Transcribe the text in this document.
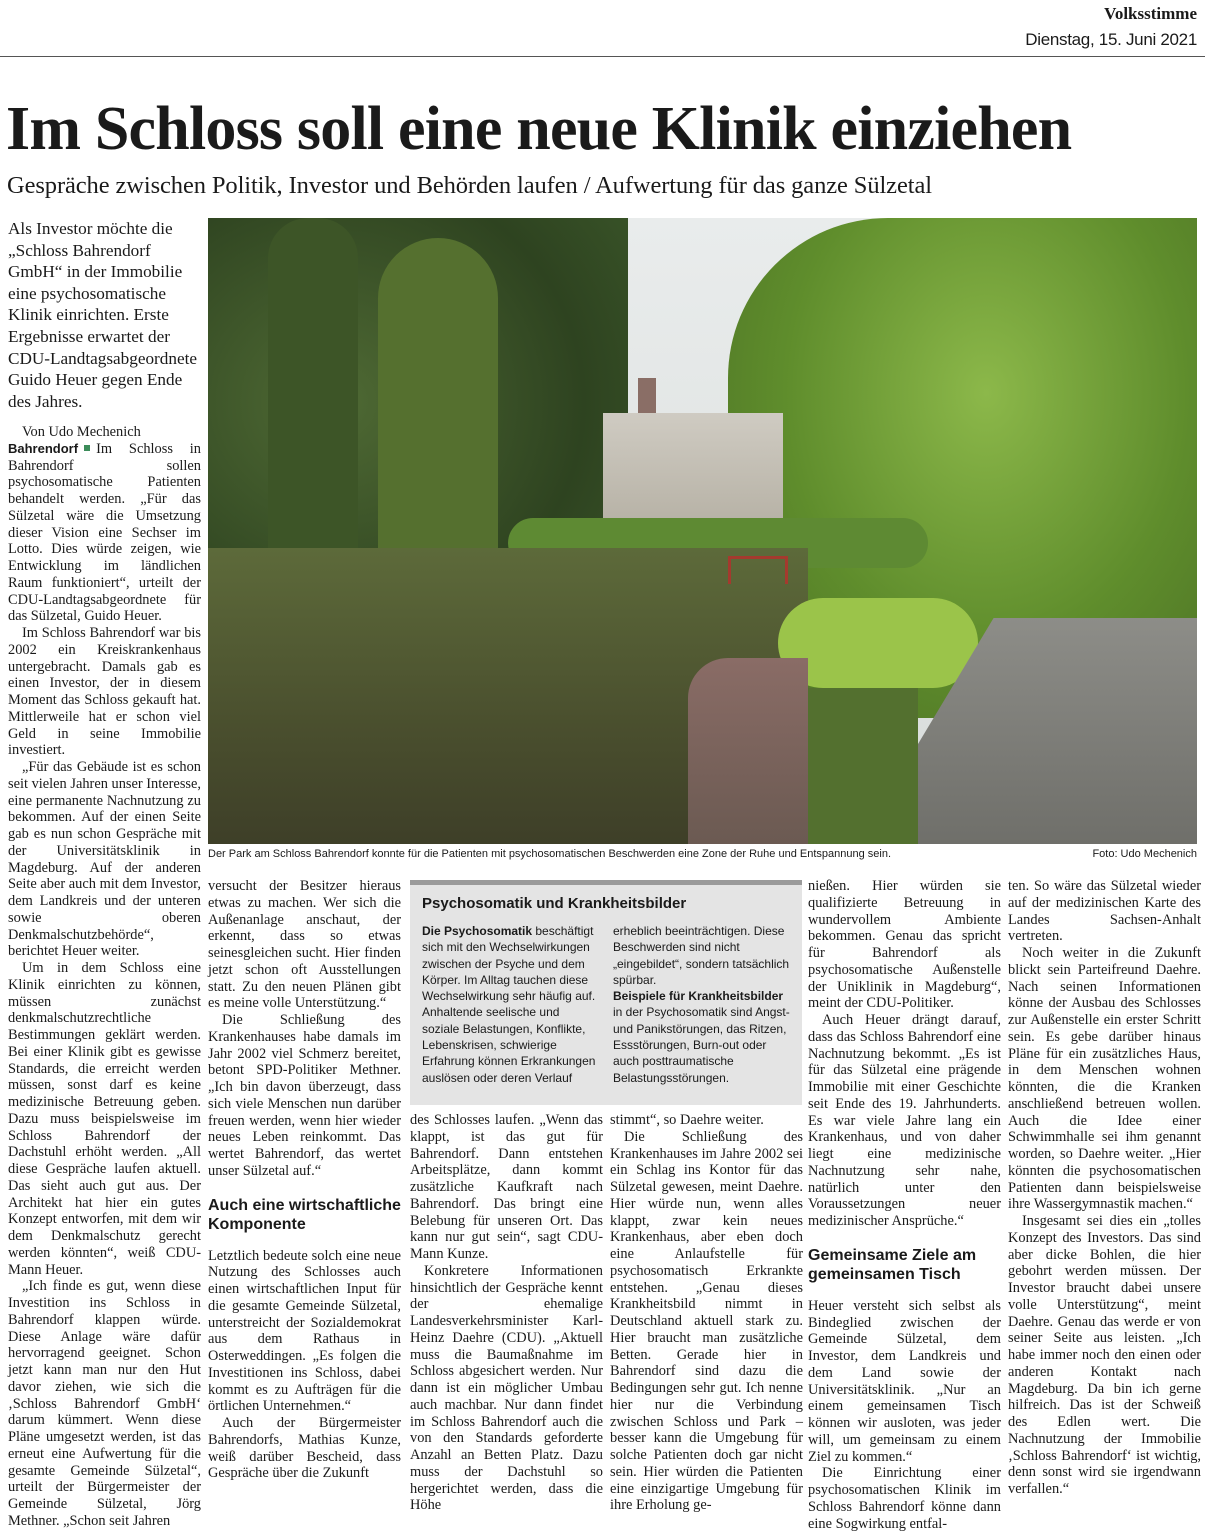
Volksstimme
Dienstag, 15. Juni 2021
Im Schloss soll eine neue Klinik einziehen
Gespräche zwischen Politik, Investor und Behörden laufen / Aufwertung für das ganze Sülzetal
Als Investor möchte die „Schloss Bahrendorf GmbH“ in der Immobilie eine psychosomatische Klinik einrichten. Erste Ergebnisse erwartet der CDU-Landtagsabgeordnete Guido Heuer gegen Ende des Jahres.
Der Park am Schloss Bahrendorf konnte für die Patienten mit psychosomatischen Beschwerden eine Zone der Ruhe und Entspannung sein.	Foto: Udo Mechenich

Von Udo Mechenich

Bahrendorf Im Schloss in Bahrendorf sollen psychosomatische Patienten behandelt werden. „Für das Sülzetal wäre die Umsetzung dieser Vision eine Sechser im Lotto. Dies würde zeigen, wie Entwicklung im ländlichen Raum funktioniert“, urteilt der CDU-Landtagsabgeordnete für das Sülzetal, Guido Heuer.

Im Schloss Bahrendorf war bis 2002 ein Kreiskrankenhaus untergebracht. Damals gab es einen Investor, der in diesem Moment das Schloss gekauft hat. Mittlerweile hat er schon viel Geld in seine Immobilie investiert.

„Für das Gebäude ist es schon seit vielen Jahren unser Interesse, eine permanente Nachnutzung zu bekommen. Auf der einen Seite gab es nun schon Gespräche mit der Universitätsklinik in Magdeburg. Auf der anderen Seite aber auch mit dem Investor, dem Landkreis und der unteren sowie oberen Denkmalschutzbehörde“, berichtet Heuer weiter.

Um in dem Schloss eine Klinik einrichten zu können, müssen zunächst denkmalschutzrechtliche Bestimmungen geklärt werden. Bei einer Klinik gibt es gewisse Standards, die erreicht werden müssen, sonst darf es keine medizinische Betreuung geben. Dazu muss beispielsweise im Schloss Bahrendorf der Dachstuhl erhöht werden. „All diese Gespräche laufen aktuell. Das sieht auch gut aus. Der Architekt hat hier ein gutes Konzept entworfen, mit dem wir dem Denkmalschutz gerecht werden könnten“, weiß CDU-Mann Heuer.

„Ich finde es gut, wenn diese Investition ins Schloss in Bahrendorf klappen würde. Diese Anlage wäre dafür hervorragend geeignet. Schon jetzt kann man nur den Hut davor ziehen, wie sich die ‚Schloss Bahrendorf GmbH‘ darum kümmert. Wenn diese Pläne umgesetzt werden, ist das erneut eine Aufwertung für die gesamte Gemeinde Sülzetal“, urteilt der Bürgermeister der Gemeinde Sülzetal, Jörg Methner. „Schon seit Jahren

versucht der Besitzer hieraus etwas zu machen. Wer sich die Außenanlage anschaut, der erkennt, dass so etwas seinesgleichen sucht. Hier finden jetzt schon oft Ausstellungen statt. Zu den neuen Plänen gibt es meine volle Unterstützung.“

Die Schließung des Krankenhauses habe damals im Jahr 2002 viel Schmerz bereitet, betont SPD-Politiker Methner. „Ich bin davon überzeugt, dass sich viele Menschen nun darüber freuen werden, wenn hier wieder neues Leben reinkommt. Das wertet Bahrendorf, das wertet unser Sülzetal auf.“

Auch eine wirtschaftliche Komponente

Letztlich bedeute solch eine neue Nutzung des Schlosses auch einen wirtschaftlichen Input für die gesamte Gemeinde Sülzetal, unterstreicht der Sozialdemokrat aus dem Rathaus in Osterweddingen. „Es folgen die Investitionen ins Schloss, dabei kommt es zu Aufträgen für die örtlichen Unternehmen.“

Auch der Bürgermeister Bahrendorfs, Mathias Kunze, weiß darüber Bescheid, dass Gespräche über die Zukunft

Psychosomatik und Krankheitsbilder
Die Psychosomatik beschäftigt sich mit den Wechselwirkungen zwischen der Psyche und dem Körper. Im Alltag tauchen diese Wechselwirkung sehr häufig auf. Anhaltende seelische und soziale Belastungen, Konflikte, Lebenskrisen, schwierige Erfahrung können Erkrankungen auslösen oder deren Verlauf erheblich beeinträchtigen. Diese Beschwerden sind nicht „eingebildet“, sondern tatsächlich spürbar.
Beispiele für Krankheitsbilder in der Psychosomatik sind Angst- und Panikstörungen, das Ritzen, Essstörungen, Burn-out oder auch posttraumatische Belastungsstörungen.

des Schlosses laufen. „Wenn das klappt, ist das gut für Bahrendorf. Dann entstehen Arbeitsplätze, dann kommt zusätzliche Kaufkraft nach Bahrendorf. Das bringt eine Belebung für unseren Ort. Das kann nur gut sein“, sagt CDU-Mann Kunze.

Konkretere Informationen hinsichtlich der Gespräche kennt der ehemalige Landesverkehrsminister Karl-Heinz Daehre (CDU). „Aktuell muss die Baumaßnahme im Schloss abgesichert werden. Nur dann ist ein möglicher Umbau auch machbar. Nur dann findet im Schloss Bahrendorf auch die von den Standards geforderte Anzahl an Betten Platz. Dazu muss der Dachstuhl so hergerichtet werden, dass die Höhe

stimmt“, so Daehre weiter.

Die Schließung des Krankenhauses im Jahre 2002 sei ein Schlag ins Kontor für das Sülzetal gewesen, meint Daehre. Hier würde nun, wenn alles klappt, zwar kein neues Krankenhaus, aber eben doch eine Anlaufstelle für psychosomatisch Erkrankte entstehen. „Genau dieses Krankheitsbild nimmt in Deutschland aktuell stark zu. Hier braucht man zusätzliche Betten. Gerade hier in Bahrendorf sind dazu die Bedingungen sehr gut. Ich nenne hier nur die Verbindung zwischen Schloss und Park – besser kann die Umgebung für solche Patienten doch gar nicht sein. Hier würden die Patienten eine einzigartige Umgebung für ihre Erholung ge-

nießen. Hier würden sie qualifizierte Betreuung in wundervollem Ambiente bekommen. Genau das spricht für Bahrendorf als psychosomatische Außenstelle der Uniklinik in Magdeburg“, meint der CDU-Politiker.

Auch Heuer drängt darauf, dass das Schloss Bahrendorf eine Nachnutzung bekommt. „Es ist für das Sülzetal eine prägende Immobilie mit einer Geschichte seit Ende des 19. Jahrhunderts. Es war viele Jahre lang ein Krankenhaus, und von daher liegt eine medizinische Nachnutzung sehr nahe, natürlich unter den Voraussetzungen neuer medizinischer Ansprüche.“

Gemeinsame Ziele am gemeinsamen Tisch

Heuer versteht sich selbst als Bindeglied zwischen der Gemeinde Sülzetal, dem Investor, dem Landkreis und dem Land sowie der Universitätsklinik. „Nur an einem gemeinsamen Tisch können wir ausloten, was jeder will, um gemeinsam zu einem Ziel zu kommen.“

Die Einrichtung einer psychosomatischen Klinik im Schloss Bahrendorf könne dann eine Sogwirkung entfal-

ten. So wäre das Sülzetal wieder auf der medizinischen Karte des Landes Sachsen-Anhalt vertreten.

Noch weiter in die Zukunft blickt sein Parteifreund Daehre. Nach seinen Informationen könne der Ausbau des Schlosses zur Außenstelle ein erster Schritt sein. Es gebe darüber hinaus Pläne für ein zusätzliches Haus, in dem Menschen wohnen könnten, die die Kranken anschließend betreuen wollen. Auch die Idee einer Schwimmhalle sei ihm genannt worden, so Daehre weiter. „Hier könnten die psychosomatischen Patienten dann beispielsweise ihre Wassergymnastik machen.“

Insgesamt sei dies ein „tolles Konzept des Investors. Das sind aber dicke Bohlen, die hier gebohrt werden müssen. Der Investor braucht dabei unsere volle Unterstützung“, meint Daehre. Genau das werde er von seiner Seite aus leisten. „Ich habe immer noch den einen oder anderen Kontakt nach Magdeburg. Da bin ich gerne hilfreich. Das ist der Schweiß des Edlen wert. Die Nachnutzung der Immobilie ‚Schloss Bahrendorf‘ ist wichtig, denn sonst wird sie irgendwann verfallen.“
